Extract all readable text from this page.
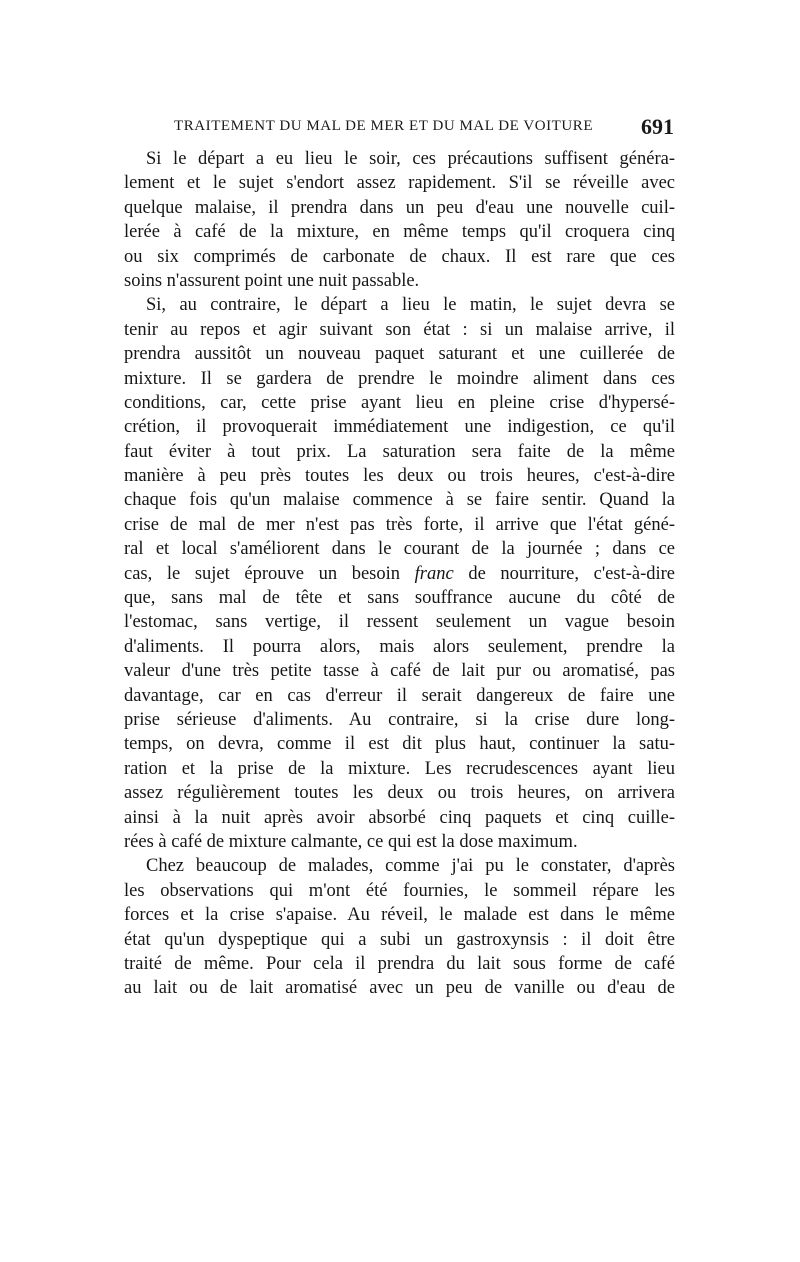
TRAITEMENT DU MAL DE MER ET DU MAL DE VOITURE 691

Si le départ a eu lieu le soir, ces précautions suffisent généra-
lement et le sujet s'endort assez rapidement. S'il se réveille avec
quelque malaise, il prendra dans un peu d'eau une nouvelle cuil-
lerée à café de la mixture, en même temps qu'il croquera cinq
ou six comprimés de carbonate de chaux. Il est rare que ces
soins n'assurent point une nuit passable.

Si, au contraire, le départ a lieu le matin, le sujet devra se
tenir au repos et agir suivant son état : si un malaise arrive, il
prendra aussitôt un nouveau paquet saturant et une cuillerée de
mixture. Il se gardera de prendre le moindre aliment dans ces
conditions, car, cette prise ayant lieu en pleine crise d'hypersé-
crétion, il provoquerait immédiatement une indigestion, ce qu'il
faut éviter à tout prix. La saturation sera faite de la même
manière à peu près toutes les deux ou trois heures, c'est-à-dire
chaque fois qu'un malaise commence à se faire sentir. Quand la
crise de mal de mer n'est pas très forte, il arrive que l'état géné-
ral et local s'améliorent dans le courant de la journée ; dans ce
cas, le sujet éprouve un besoin franc de nourriture, c'est-à-dire
que, sans mal de tête et sans souffrance aucune du côté de
l'estomac, sans vertige, il ressent seulement un vague besoin
d'aliments. Il pourra alors, mais alors seulement, prendre la
valeur d'une très petite tasse à café de lait pur ou aromatisé, pas
davantage, car en cas d'erreur il serait dangereux de faire une
prise sérieuse d'aliments. Au contraire, si la crise dure long-
temps, on devra, comme il est dit plus haut, continuer la satu-
ration et la prise de la mixture. Les recrudescences ayant lieu
assez régulièrement toutes les deux ou trois heures, on arrivera
ainsi à la nuit après avoir absorbé cinq paquets et cinq cuille-
rées à café de mixture calmante, ce qui est la dose maximum.

Chez beaucoup de malades, comme j'ai pu le constater, d'après
les observations qui m'ont été fournies, le sommeil répare les
forces et la crise s'apaise. Au réveil, le malade est dans le même
état qu'un dyspeptique qui a subi un gastroxynsis : il doit être
traité de même. Pour cela il prendra du lait sous forme de café
au lait ou de lait aromatisé avec un peu de vanille ou d'eau de
